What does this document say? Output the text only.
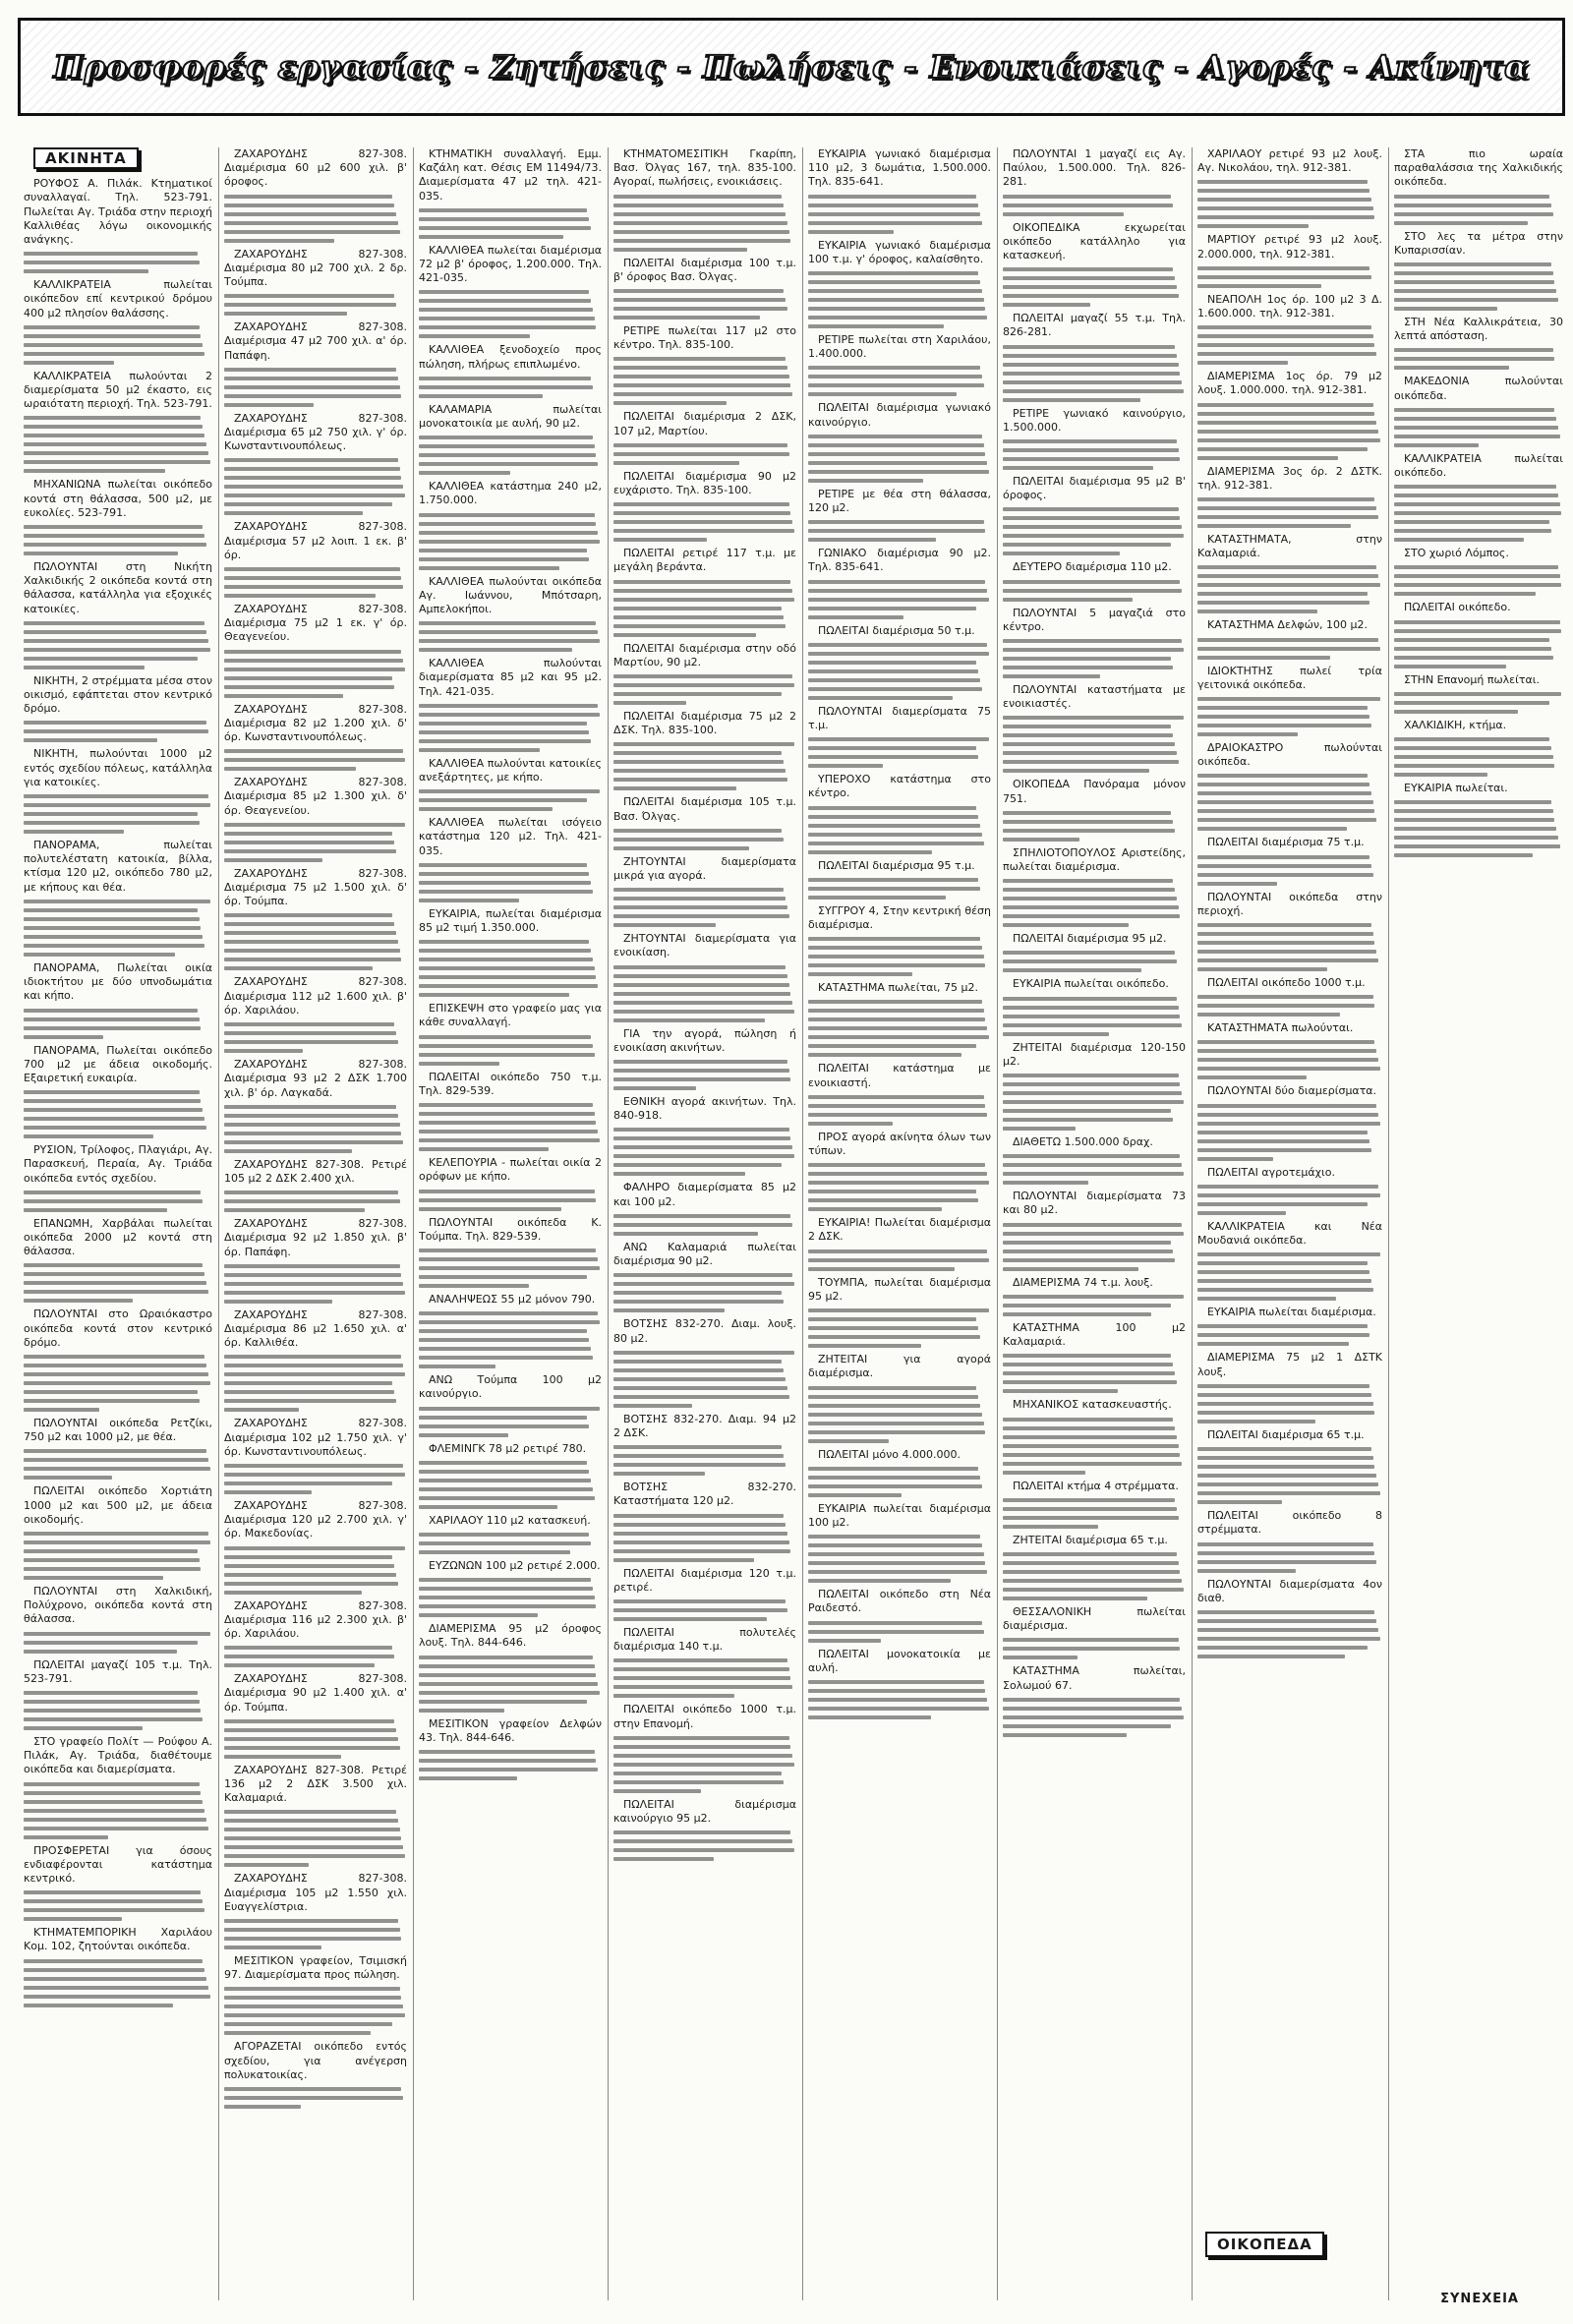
Προσφορές εργασίας - Ζητήσεις - Πωλήσεις - Ενοικιάσεις - Αγορές - Ακίνητα
ΑΚΙΝΗΤΑ

ΡΟΥΦΟΣ Α. Πιλάκ. Κτηματικοί συναλλαγαί. Τηλ. 523-791. Πωλείται Αγ. Τριάδα στην περιοχή Καλλιθέας λόγω οικονομικής ανάγκης.

ΚΑΛΛΙΚΡΑΤΕΙΑ πωλείται οικόπεδον επί κεντρικού δρόμου 400 μ2 πλησίον θαλάσσης.

ΚΑΛΛΙΚΡΑΤΕΙΑ πωλούνται 2 διαμερίσματα 50 μ2 έκαστο, εις ωραιότατη περιοχή. Τηλ. 523-791.

ΜΗΧΑΝΙΩΝΑ πωλείται οικόπεδο κοντά στη θάλασσα, 500 μ2, με ευκολίες. 523-791.

ΠΩΛΟΥΝΤΑΙ στη Νικήτη Χαλκιδικής 2 οικόπεδα κοντά στη θάλασσα, κατάλληλα για εξοχικές κατοικίες.

ΝΙΚΗΤΗ, 2 στρέμματα μέσα στον οικισμό, εφάπτεται στον κεντρικό δρόμο.

ΝΙΚΗΤΗ, πωλούνται 1000 μ2 εντός σχεδίου πόλεως, κατάλληλα για κατοικίες.

ΠΑΝΟΡΑΜΑ, πωλείται πολυτελέστατη κατοικία, βίλλα, κτίσμα 120 μ2, οικόπεδο 780 μ2, με κήπους και θέα.

ΠΑΝΟΡΑΜΑ, Πωλείται οικία ιδιοκτήτου με δύο υπνοδωμάτια και κήπο.

ΠΑΝΟΡΑΜΑ, Πωλείται οικόπεδο 700 μ2 με άδεια οικοδομής. Εξαιρετική ευκαιρία.

ΡΥΣΙΟΝ, Τρίλοφος, Πλαγιάρι, Αγ. Παρασκευή, Περαία, Αγ. Τριάδα οικόπεδα εντός σχεδίου.

ΕΠΑΝΩΜΗ, Χαρβάλαι πωλείται οικόπεδα 2000 μ2 κοντά στη θάλασσα.

ΠΩΛΟΥΝΤΑΙ στο Ωραιόκαστρο οικόπεδα κοντά στον κεντρικό δρόμο.

ΠΩΛΟΥΝΤΑΙ οικόπεδα Ρετζίκι, 750 μ2 και 1000 μ2, με θέα.

ΠΩΛΕΙΤΑΙ οικόπεδο Χορτιάτη 1000 μ2 και 500 μ2, με άδεια οικοδομής.

ΠΩΛΟΥΝΤΑΙ στη Χαλκιδική, Πολύχρονο, οικόπεδα κοντά στη θάλασσα.

ΠΩΛΕΙΤΑΙ μαγαζί 105 τ.μ. Τηλ. 523-791.

ΣΤΟ γραφείο Πολίτ — Ρούφου Α. Πιλάκ, Αγ. Τριάδα, διαθέτουμε οικόπεδα και διαμερίσματα.

ΠΡΟΣΦΕΡΕΤΑΙ για όσους ενδιαφέρονται κατάστημα κεντρικό.

ΚΤΗΜΑΤΕΜΠΟΡΙΚΗ Χαριλάου Κομ. 102, ζητούνται οικόπεδα.

ΖΑΧΑΡΟΥΔΗΣ 827-308. Διαμέρισμα 60 μ2 600 χιλ. β' όροφος.

ΖΑΧΑΡΟΥΔΗΣ 827-308. Διαμέρισμα 80 μ2 700 χιλ. 2 δρ. Τούμπα.

ΖΑΧΑΡΟΥΔΗΣ 827-308. Διαμέρισμα 47 μ2 700 χιλ. α' όρ. Παπάφη.

ΖΑΧΑΡΟΥΔΗΣ 827-308. Διαμέρισμα 65 μ2 750 χιλ. γ' όρ. Κωνσταντινουπόλεως.

ΖΑΧΑΡΟΥΔΗΣ 827-308. Διαμέρισμα 57 μ2 λοιπ. 1 εκ. β' όρ.

ΖΑΧΑΡΟΥΔΗΣ 827-308. Διαμέρισμα 75 μ2 1 εκ. γ' όρ. Θεαγενείου.

ΖΑΧΑΡΟΥΔΗΣ 827-308. Διαμέρισμα 82 μ2 1.200 χιλ. δ' όρ. Κωνσταντινουπόλεως.

ΖΑΧΑΡΟΥΔΗΣ 827-308. Διαμέρισμα 85 μ2 1.300 χιλ. δ' όρ. Θεαγενείου.

ΖΑΧΑΡΟΥΔΗΣ 827-308. Διαμέρισμα 75 μ2 1.500 χιλ. δ' όρ. Τούμπα.

ΖΑΧΑΡΟΥΔΗΣ 827-308. Διαμέρισμα 112 μ2 1.600 χιλ. β' όρ. Χαριλάου.

ΖΑΧΑΡΟΥΔΗΣ 827-308. Διαμέρισμα 93 μ2 2 ΔΣΚ 1.700 χιλ. β' όρ. Λαγκαδά.

ΖΑΧΑΡΟΥΔΗΣ 827-308. Ρετιρέ 105 μ2 2 ΔΣΚ 2.400 χιλ.

ΖΑΧΑΡΟΥΔΗΣ 827-308. Διαμέρισμα 92 μ2 1.850 χιλ. β' όρ. Παπάφη.

ΖΑΧΑΡΟΥΔΗΣ 827-308. Διαμέρισμα 86 μ2 1.650 χιλ. α' όρ. Καλλιθέα.

ΖΑΧΑΡΟΥΔΗΣ 827-308. Διαμέρισμα 102 μ2 1.750 χιλ. γ' όρ. Κωνσταντινουπόλεως.

ΖΑΧΑΡΟΥΔΗΣ 827-308. Διαμέρισμα 120 μ2 2.700 χιλ. γ' όρ. Μακεδονίας.

ΖΑΧΑΡΟΥΔΗΣ 827-308. Διαμέρισμα 116 μ2 2.300 χιλ. β' όρ. Χαριλάου.

ΖΑΧΑΡΟΥΔΗΣ 827-308. Διαμέρισμα 90 μ2 1.400 χιλ. α' όρ. Τούμπα.

ΖΑΧΑΡΟΥΔΗΣ 827-308. Ρετιρέ 136 μ2 2 ΔΣΚ 3.500 χιλ. Καλαμαριά.

ΖΑΧΑΡΟΥΔΗΣ 827-308. Διαμέρισμα 105 μ2 1.550 χιλ. Ευαγγελίστρια.

ΜΕΣΙΤΙΚΟΝ γραφείον, Τσιμισκή 97. Διαμερίσματα προς πώληση.

ΑΓΟΡΑΖΕΤΑΙ οικόπεδο εντός σχεδίου, για ανέγερση πολυκατοικίας.

ΚΤΗΜΑΤΙΚΗ συναλλαγή. Εμμ. Καζάλη κατ. Θέσις ΕΜ 11494/73. Διαμερίσματα 47 μ2 τηλ. 421-035.

ΚΑΛΛΙΘΕΑ πωλείται διαμέρισμα 72 μ2 β' όροφος, 1.200.000. Τηλ. 421-035.

ΚΑΛΛΙΘΕΑ ξενοδοχείο προς πώληση, πλήρως επιπλωμένο.

ΚΑΛΑΜΑΡΙΑ πωλείται μονοκατοικία με αυλή, 90 μ2.

ΚΑΛΛΙΘΕΑ κατάστημα 240 μ2, 1.750.000.

ΚΑΛΛΙΘΕΑ πωλούνται οικόπεδα Αγ. Ιωάννου, Μπότσαρη, Αμπελοκήποι.

ΚΑΛΛΙΘΕΑ πωλούνται διαμερίσματα 85 μ2 και 95 μ2. Τηλ. 421-035.

ΚΑΛΛΙΘΕΑ πωλούνται κατοικίες ανεξάρτητες, με κήπο.

ΚΑΛΛΙΘΕΑ πωλείται ισόγειο κατάστημα 120 μ2. Τηλ. 421-035.

ΕΥΚΑΙΡΙΑ, πωλείται διαμέρισμα 85 μ2 τιμή 1.350.000.

ΕΠΙΣΚΕΨΗ στο γραφείο μας για κάθε συναλλαγή.

ΠΩΛΕΙΤΑΙ οικόπεδο 750 τ.μ. Τηλ. 829-539.

ΚΕΛΕΠΟΥΡΙΑ - πωλείται οικία 2 ορόφων με κήπο.

ΠΩΛΟΥΝΤΑΙ οικόπεδα Κ. Τούμπα. Τηλ. 829-539.

ΑΝΑΛΗΨΕΩΣ 55 μ2 μόνον 790.

ΑΝΩ Τούμπα 100 μ2 καινούργιο.

ΦΛΕΜΙΝΓΚ 78 μ2 ρετιρέ 780.

ΧΑΡΙΛΑΟΥ 110 μ2 κατασκευή.

ΕΥΖΩΝΩΝ 100 μ2 ρετιρέ 2.000.

ΔΙΑΜΕΡΙΣΜΑ 95 μ2 όροφος λουξ. Τηλ. 844-646.

ΜΕΣΙΤΙΚΟΝ γραφείον Δελφών 43. Τηλ. 844-646.

ΚΤΗΜΑΤΟΜΕΣΙΤΙΚΗ Γκαρίπη, Βασ. Όλγας 167, τηλ. 835-100. Αγοραί, πωλήσεις, ενοικιάσεις.

ΠΩΛΕΙΤΑΙ διαμέρισμα 100 τ.μ. β' όροφος Βασ. Όλγας.

ΡΕΤΙΡΕ πωλείται 117 μ2 στο κέντρο. Τηλ. 835-100.

ΠΩΛΕΙΤΑΙ διαμέρισμα 2 ΔΣΚ, 107 μ2, Μαρτίου.

ΠΩΛΕΙΤΑΙ διαμέρισμα 90 μ2 ευχάριστο. Τηλ. 835-100.

ΠΩΛΕΙΤΑΙ ρετιρέ 117 τ.μ. με μεγάλη βεράντα.

ΠΩΛΕΙΤΑΙ διαμέρισμα στην οδό Μαρτίου, 90 μ2.

ΠΩΛΕΙΤΑΙ διαμέρισμα 75 μ2 2 ΔΣΚ. Τηλ. 835-100.

ΠΩΛΕΙΤΑΙ διαμέρισμα 105 τ.μ. Βασ. Όλγας.

ΖΗΤΟΥΝΤΑΙ διαμερίσματα μικρά για αγορά.

ΖΗΤΟΥΝΤΑΙ διαμερίσματα για ενοικίαση.

ΓΙΑ την αγορά, πώληση ή ενοικίαση ακινήτων.

ΕΘΝΙΚΗ αγορά ακινήτων. Τηλ. 840-918.

ΦΑΛΗΡΟ διαμερίσματα 85 μ2 και 100 μ2.

ΑΝΩ Καλαμαριά πωλείται διαμέρισμα 90 μ2.

ΒΟΤΣΗΣ 832-270. Διαμ. λουξ. 80 μ2.

ΒΟΤΣΗΣ 832-270. Διαμ. 94 μ2 2 ΔΣΚ.

ΒΟΤΣΗΣ 832-270. Καταστήματα 120 μ2.

ΠΩΛΕΙΤΑΙ διαμέρισμα 120 τ.μ. ρετιρέ.

ΠΩΛΕΙΤΑΙ πολυτελές διαμέρισμα 140 τ.μ.

ΠΩΛΕΙΤΑΙ οικόπεδο 1000 τ.μ. στην Επανομή.

ΠΩΛΕΙΤΑΙ διαμέρισμα καινούργιο 95 μ2.

ΕΥΚΑΙΡΙΑ γωνιακό διαμέρισμα 110 μ2, 3 δωμάτια, 1.500.000. Τηλ. 835-641.

ΕΥΚΑΙΡΙΑ γωνιακό διαμέρισμα 100 τ.μ. γ' όροφος, καλαίσθητο.

ΡΕΤΙΡΕ πωλείται στη Χαριλάου, 1.400.000.

ΠΩΛΕΙΤΑΙ διαμέρισμα γωνιακό καινούργιο.

ΡΕΤΙΡΕ με θέα στη θάλασσα, 120 μ2.

ΓΩΝΙΑΚΟ διαμέρισμα 90 μ2. Τηλ. 835-641.

ΠΩΛΕΙΤΑΙ διαμέρισμα 50 τ.μ.

ΠΩΛΟΥΝΤΑΙ διαμερίσματα 75 τ.μ.

ΥΠΕΡΟΧΟ κατάστημα στο κέντρο.

ΠΩΛΕΙΤΑΙ διαμέρισμα 95 τ.μ.

ΣΥΓΓΡΟΥ 4, Στην κεντρική θέση διαμέρισμα.

ΚΑΤΑΣΤΗΜΑ πωλείται, 75 μ2.

ΠΩΛΕΙΤΑΙ κατάστημα με ενοικιαστή.

ΠΡΟΣ αγορά ακίνητα όλων των τύπων.

ΕΥΚΑΙΡΙΑ! Πωλείται διαμέρισμα 2 ΔΣΚ.

ΤΟΥΜΠΑ, πωλείται διαμέρισμα 95 μ2.

ΖΗΤΕΙΤΑΙ για αγορά διαμέρισμα.

ΠΩΛΕΙΤΑΙ μόνο 4.000.000.

ΕΥΚΑΙΡΙΑ πωλείται διαμέρισμα 100 μ2.

ΠΩΛΕΙΤΑΙ οικόπεδο στη Νέα Ραιδεστό.

ΠΩΛΕΙΤΑΙ μονοκατοικία με αυλή.

ΠΩΛΟΥΝΤΑΙ 1 μαγαζί εις Αγ. Παύλου, 1.500.000. Τηλ. 826-281.

ΟΙΚΟΠΕΔΙΚΑ εκχωρείται οικόπεδο κατάλληλο για κατασκευή.

ΠΩΛΕΙΤΑΙ μαγαζί 55 τ.μ. Τηλ. 826-281.

ΡΕΤΙΡΕ γωνιακό καινούργιο, 1.500.000.

ΠΩΛΕΙΤΑΙ διαμέρισμα 95 μ2 Β' όροφος.

ΔΕΥΤΕΡΟ διαμέρισμα 110 μ2.

ΠΩΛΟΥΝΤΑΙ 5 μαγαζιά στο κέντρο.

ΠΩΛΟΥΝΤΑΙ καταστήματα με ενοικιαστές.

ΟΙΚΟΠΕΔΑ Πανόραμα μόνον 751.

ΣΠΗΛΙΟΤΟΠΟΥΛΟΣ Αριστείδης, πωλείται διαμέρισμα.

ΠΩΛΕΙΤΑΙ διαμέρισμα 95 μ2.

ΕΥΚΑΙΡΙΑ πωλείται οικόπεδο.

ΖΗΤΕΙΤΑΙ διαμέρισμα 120-150 μ2.

ΔΙΑΘΕΤΩ 1.500.000 δραχ.

ΠΩΛΟΥΝΤΑΙ διαμερίσματα 73 και 80 μ2.

ΔΙΑΜΕΡΙΣΜΑ 74 τ.μ. λουξ.

ΚΑΤΑΣΤΗΜΑ 100 μ2 Καλαμαριά.

ΜΗΧΑΝΙΚΟΣ κατασκευαστής.

ΠΩΛΕΙΤΑΙ κτήμα 4 στρέμματα.

ΖΗΤΕΙΤΑΙ διαμέρισμα 65 τ.μ.

ΘΕΣΣΑΛΟΝΙΚΗ πωλείται διαμέρισμα.

ΚΑΤΑΣΤΗΜΑ πωλείται, Σολωμού 67.

ΧΑΡΙΛΑΟΥ ρετιρέ 93 μ2 λουξ. Αγ. Νικολάου, τηλ. 912-381.

ΜΑΡΤΙΟΥ ρετιρέ 93 μ2 λουξ. 2.000.000, τηλ. 912-381.

ΝΕΑΠΟΛΗ 1ος όρ. 100 μ2 3 Δ. 1.600.000. τηλ. 912-381.

ΔΙΑΜΕΡΙΣΜΑ 1ος όρ. 79 μ2 λουξ. 1.000.000. τηλ. 912-381.

ΔΙΑΜΕΡΙΣΜΑ 3ος όρ. 2 ΔΣΤΚ. τηλ. 912-381.

ΚΑΤΑΣΤΗΜΑΤΑ, στην Καλαμαριά.

ΚΑΤΑΣΤΗΜΑ Δελφών, 100 μ2.

ΙΔΙΟΚΤΗΤΗΣ πωλεί τρία γειτονικά οικόπεδα.

ΔΡΑΙΟΚΑΣΤΡΟ πωλούνται οικόπεδα.

ΠΩΛΕΙΤΑΙ διαμέρισμα 75 τ.μ.

ΠΩΛΟΥΝΤΑΙ οικόπεδα στην περιοχή.

ΠΩΛΕΙΤΑΙ οικόπεδο 1000 τ.μ.

ΚΑΤΑΣΤΗΜΑΤΑ πωλούνται.

ΠΩΛΟΥΝΤΑΙ δύο διαμερίσματα.

ΠΩΛΕΙΤΑΙ αγροτεμάχιο.

ΚΑΛΛΙΚΡΑΤΕΙΑ και Νέα Μουδανιά οικόπεδα.

ΕΥΚΑΙΡΙΑ πωλείται διαμέρισμα.

ΔΙΑΜΕΡΙΣΜΑ 75 μ2 1 ΔΣΤΚ λουξ.

ΠΩΛΕΙΤΑΙ διαμέρισμα 65 τ.μ.

ΠΩΛΕΙΤΑΙ οικόπεδο 8 στρέμματα.

ΠΩΛΟΥΝΤΑΙ διαμερίσματα 4ον διαθ.

ΣΤΑ πιο ωραία παραθαλάσσια της Χαλκιδικής οικόπεδα.

ΣΤΟ λες τα μέτρα στην Κυπαρισσίαν.

ΣΤΗ Νέα Καλλικράτεια, 30 λεπτά απόσταση.

ΜΑΚΕΔΟΝΙΑ πωλούνται οικόπεδα.

ΚΑΛΛΙΚΡΑΤΕΙΑ πωλείται οικόπεδο.

ΣΤΟ χωριό Λόμπος.

ΠΩΛΕΙΤΑΙ οικόπεδο.

ΣΤΗΝ Επανομή πωλείται.

ΧΑΛΚΙΔΙΚΗ, κτήμα.

ΕΥΚΑΙΡΙΑ πωλείται.

ΟΙΚΟΠΕΔΑ
ΣΥΝΕΧΕΙΑ
